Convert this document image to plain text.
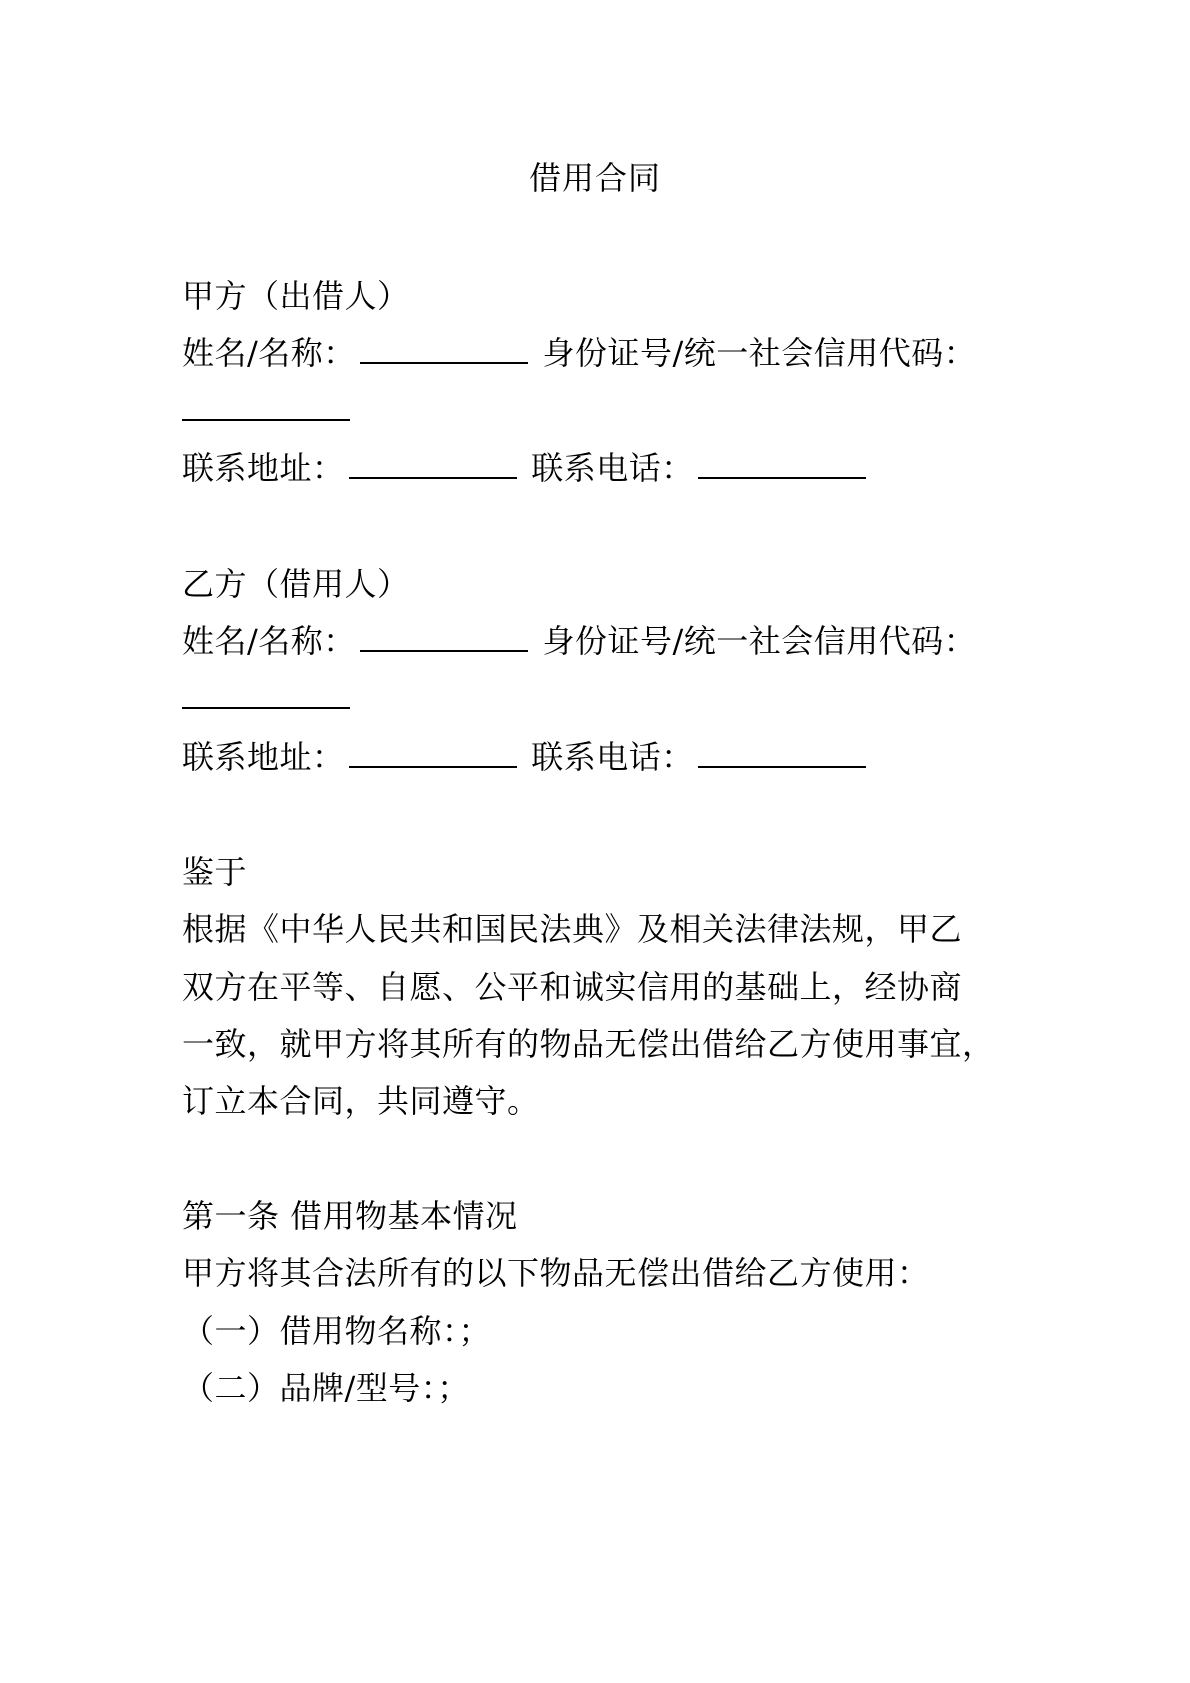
借用合同
甲方（出借人）
姓名/名称：	身份证号/统一社会信用代码：
联系地址：	联系电话：
乙方（借用人）
姓名/名称：	身份证号/统一社会信用代码：
联系地址：	联系电话：
鉴于
根据《中华人民共和国民法典》及相关法律法规，甲乙
双方在平等、自愿、公平和诚实信用的基础上，经协商
一致，就甲方将其所有的物品无偿出借给乙方使用事宜，
订立本合同，共同遵守。
第一条 借用物基本情况
甲方将其合法所有的以下物品无偿出借给乙方使用：
（一）借用物名称：；
（二）品牌/型号：；
